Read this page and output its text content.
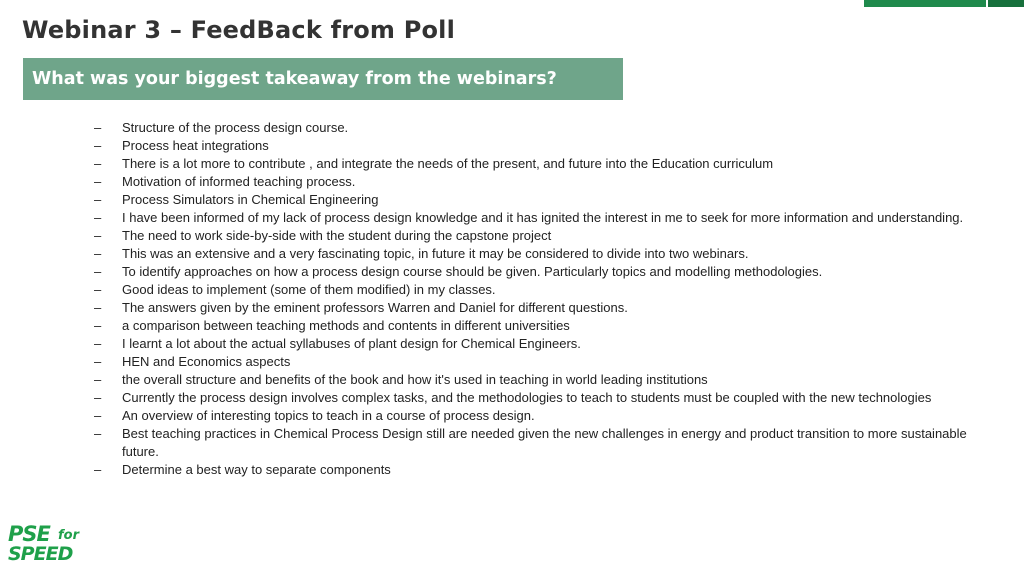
Webinar 3 – FeedBack from Poll
What was your biggest takeaway from the webinars?
– Structure of the process design course.
– Process heat integrations
– There is a lot more to contribute , and integrate the needs of the present, and future into the Education curriculum
– Motivation of informed teaching process.
– Process Simulators in Chemical Engineering
– I have been informed of my lack of process design knowledge and it has ignited the interest in me to seek for more information and understanding.
– The need to work side-by-side with the student during the capstone project
– This was an extensive and a very fascinating topic, in future it may be considered to divide into two webinars.
– To identify approaches on how a process design course should be given. Particularly topics and modelling methodologies.
– Good ideas to implement (some of them modified) in my classes.
– The answers given by the eminent professors Warren and Daniel for different questions.
– a comparison between teaching methods and contents in different universities
– I learnt a lot about the actual syllabuses of plant design for Chemical Engineers.
– HEN and Economics aspects
– the overall structure and benefits of the book and how it's used in teaching in world leading institutions
– Currently the process design involves complex tasks, and the methodologies to teach to students must be coupled with the new technologies
– An overview of interesting topics to teach in a course of process design.
– Best teaching practices in Chemical Process Design still are needed given the new challenges in energy and product transition to more sustainable future.
– Determine a best way to separate components
PSE for
SPEED
